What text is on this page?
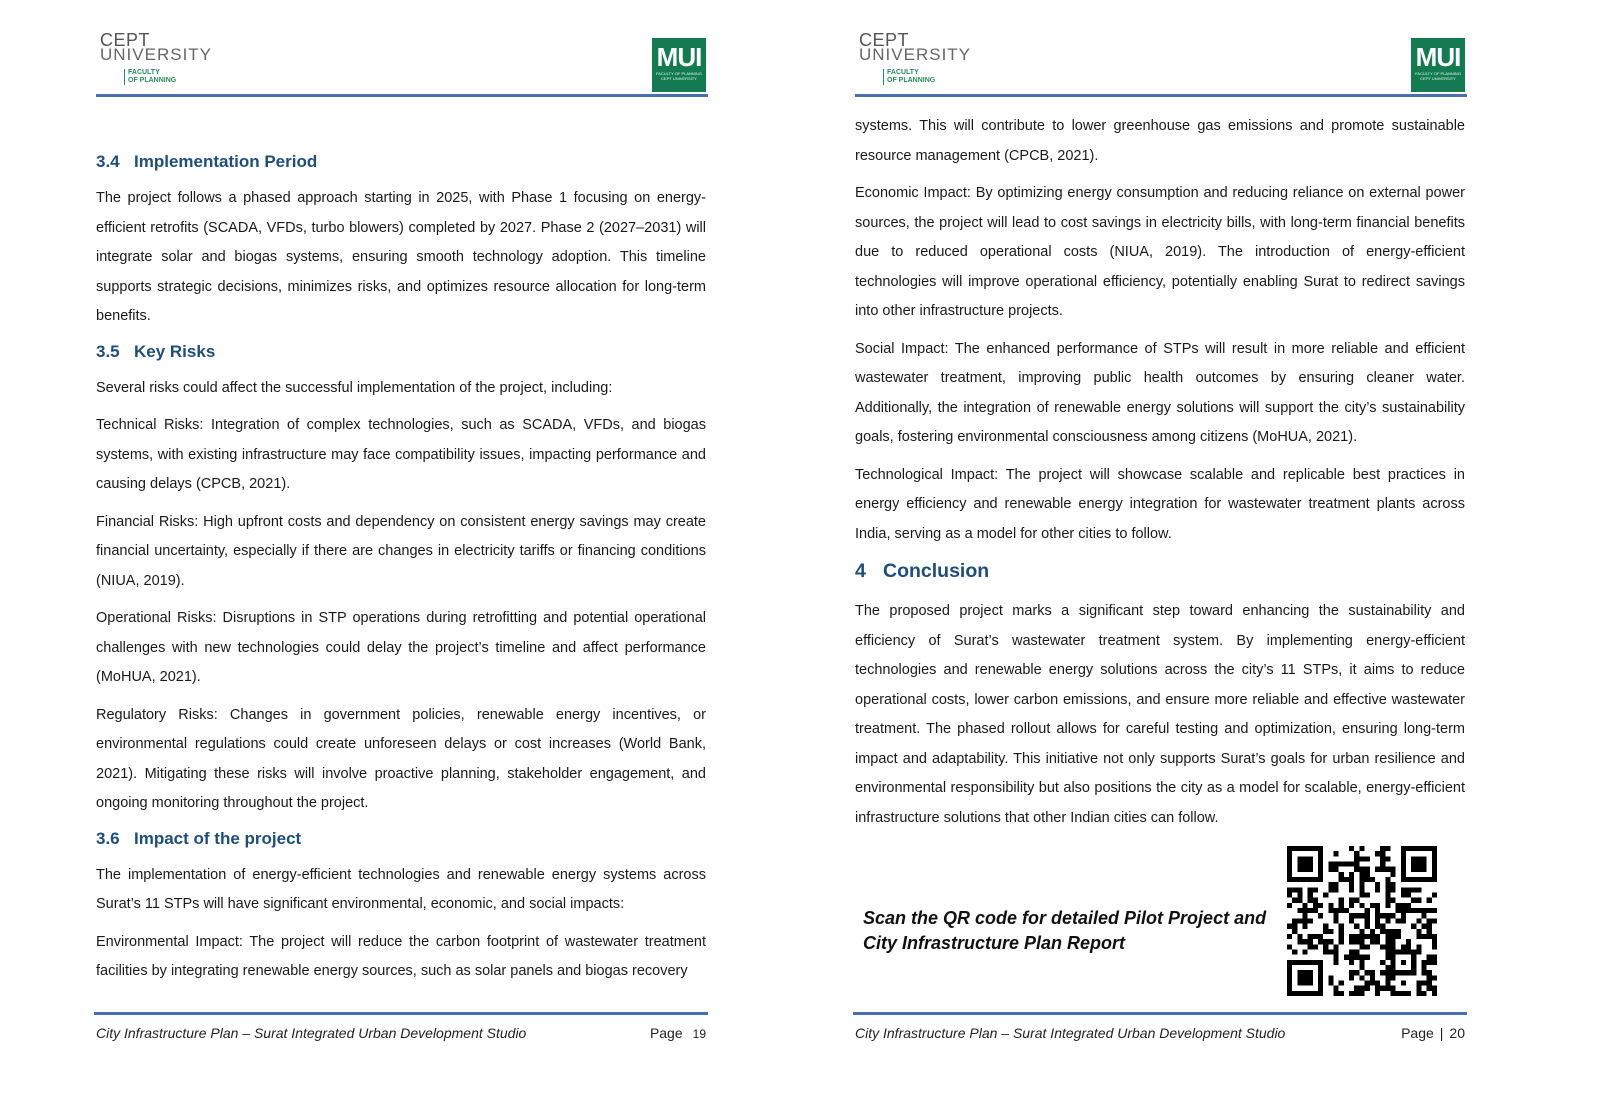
CEPT
UNIVERSITY
FACULTY
OF PLANNING
MUI
FACULTY OF PLANNING
CEPT UNIVERSITY
3.4 Implementation Period

The project follows a phased approach starting in 2025, with Phase 1 focusing on energy-efficient retrofits (SCADA, VFDs, turbo blowers) completed by 2027. Phase 2 (2027–2031) will integrate solar and biogas systems, ensuring smooth technology adoption. This timeline supports strategic decisions, minimizes risks, and optimizes resource allocation for long-term benefits.

3.5 Key Risks

Several risks could affect the successful implementation of the project, including:

Technical Risks: Integration of complex technologies, such as SCADA, VFDs, and biogas systems, with existing infrastructure may face compatibility issues, impacting performance and causing delays (CPCB, 2021).

Financial Risks: High upfront costs and dependency on consistent energy savings may create financial uncertainty, especially if there are changes in electricity tariffs or financing conditions (NIUA, 2019).

Operational Risks: Disruptions in STP operations during retrofitting and potential operational challenges with new technologies could delay the project’s timeline and affect performance (MoHUA, 2021).

Regulatory Risks: Changes in government policies, renewable energy incentives, or environmental regulations could create unforeseen delays or cost increases (World Bank, 2021). Mitigating these risks will involve proactive planning, stakeholder engagement, and ongoing monitoring throughout the project.

3.6 Impact of the project

The implementation of energy-efficient technologies and renewable energy systems across Surat’s 11 STPs will have significant environmental, economic, and social impacts:

Environmental Impact: The project will reduce the carbon footprint of wastewater treatment facilities by integrating renewable energy sources, such as solar panels and biogas recovery

City Infrastructure Plan – Surat Integrated Urban Development Studio	Page 19
CEPT
UNIVERSITY
FACULTY
OF PLANNING
MUI
FACULTY OF PLANNING
CEPT UNIVERSITY

systems. This will contribute to lower greenhouse gas emissions and promote sustainable resource management (CPCB, 2021).

Economic Impact: By optimizing energy consumption and reducing reliance on external power sources, the project will lead to cost savings in electricity bills, with long-term financial benefits due to reduced operational costs (NIUA, 2019). The introduction of energy-efficient technologies will improve operational efficiency, potentially enabling Surat to redirect savings into other infrastructure projects.

Social Impact: The enhanced performance of STPs will result in more reliable and efficient wastewater treatment, improving public health outcomes by ensuring cleaner water. Additionally, the integration of renewable energy solutions will support the city’s sustainability goals, fostering environmental consciousness among citizens (MoHUA, 2021).

Technological Impact: The project will showcase scalable and replicable best practices in energy efficiency and renewable energy integration for wastewater treatment plants across India, serving as a model for other cities to follow.

4 Conclusion

The proposed project marks a significant step toward enhancing the sustainability and efficiency of Surat’s wastewater treatment system. By implementing energy-efficient technologies and renewable energy solutions across the city’s 11 STPs, it aims to reduce operational costs, lower carbon emissions, and ensure more reliable and effective wastewater treatment. The phased rollout allows for careful testing and optimization, ensuring long-term impact and adaptability. This initiative not only supports Surat’s goals for urban resilience and environmental responsibility but also positions the city as a model for scalable, energy-efficient infrastructure solutions that other Indian cities can follow.

Scan the QR code for detailed Pilot Project and
City Infrastructure Plan Report
City Infrastructure Plan – Surat Integrated Urban Development Studio	Page | 20
